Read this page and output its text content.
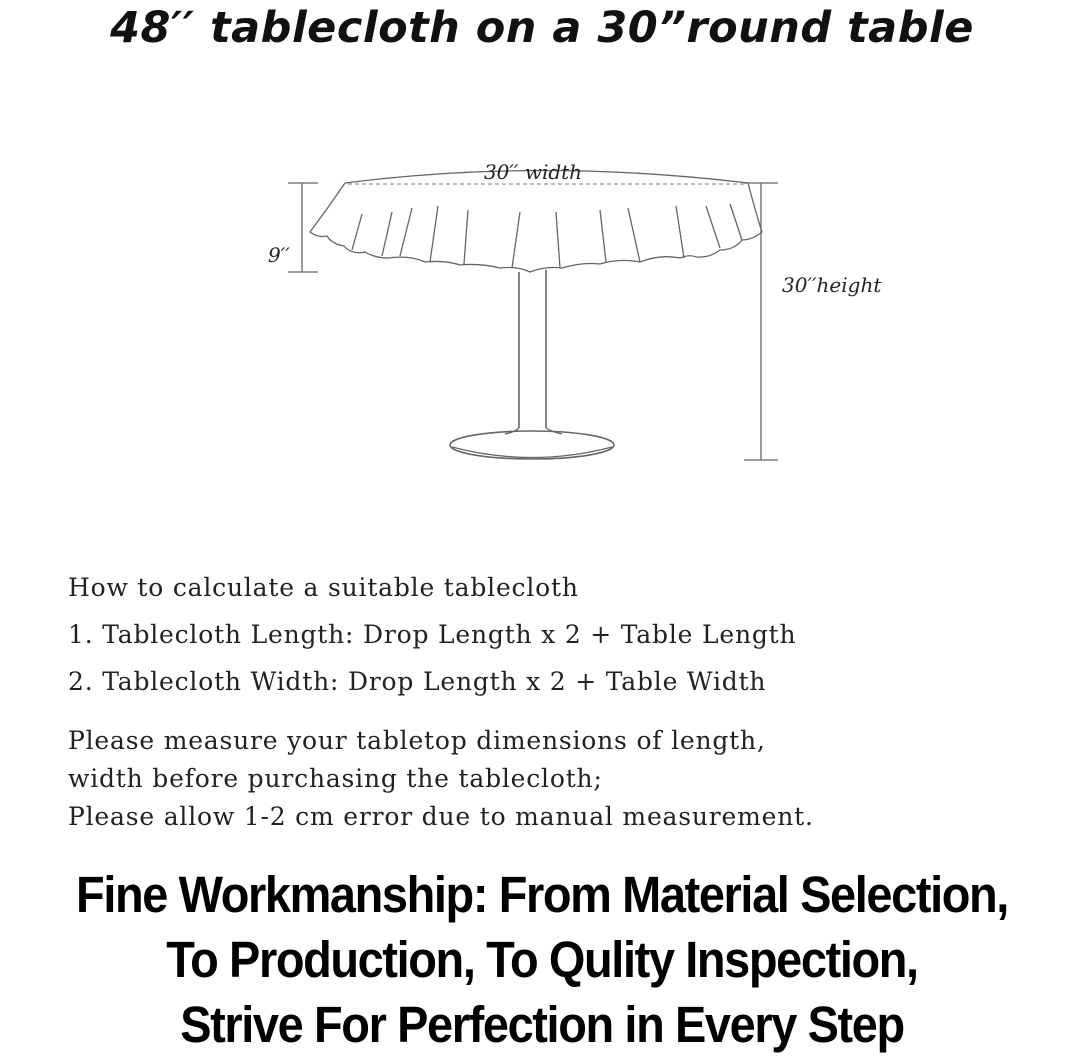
48′′ tablecloth on a 30”round table
30′′ width
9′′
30′′height
How to calculate a suitable tablecloth
1. Tablecloth Length: Drop Length x 2 + Table Length
2. Tablecloth Width: Drop Length x 2 + Table Width
Please measure your tabletop dimensions of length,
width before purchasing the tablecloth;
Please allow 1-2 cm error due to manual measurement.
Fine Workmanship: From Material Selection,
To Production, To Qulity Inspection,
Strive For Perfection in Every Step
